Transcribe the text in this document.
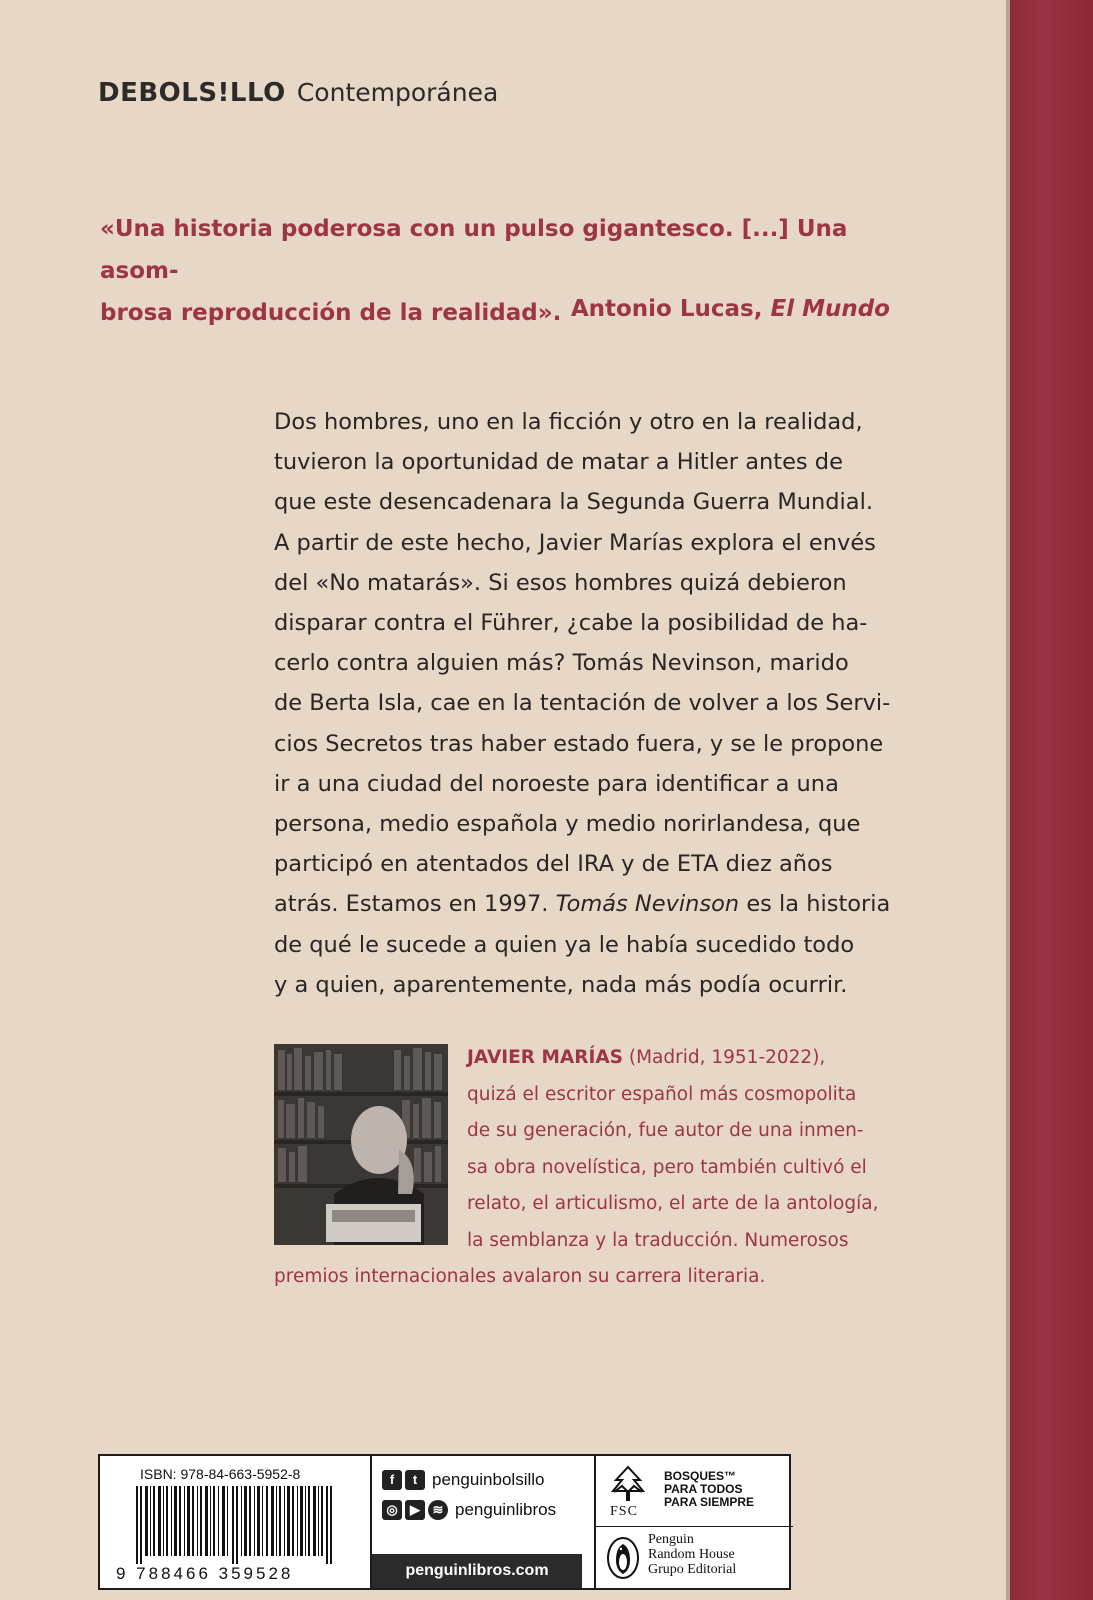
DEBOLS!LLO Contemporánea
«Una historia poderosa con un pulso gigantesco. [...] Una asom-
brosa reproducción de la realidad». Antonio Lucas, El Mundo
Dos hombres, uno en la ficción y otro en la realidad,
tuvieron la oportunidad de matar a Hitler antes de
que este desencadenara la Segunda Guerra Mundial.
A partir de este hecho, Javier Marías explora el envés
del «No matarás». Si esos hombres quizá debieron
disparar contra el Führer, ¿cabe la posibilidad de ha-
cerlo contra alguien más? Tomás Nevinson, marido
de Berta Isla, cae en la tentación de volver a los Servi-
cios Secretos tras haber estado fuera, y se le propone
ir a una ciudad del noroeste para identificar a una
persona, medio española y medio norirlandesa, que
participó en atentados del IRA y de ETA diez años
atrás. Estamos en 1997. Tomás Nevinson es la historia
de qué le sucede a quien ya le había sucedido todo
y a quien, aparentemente, nada más podía ocurrir.
JAVIER MARÍAS (Madrid, 1951-2022),
quizá el escritor español más cosmopolita
de su generación, fue autor de una inmen-
sa obra novelística, pero también cultivó el
relato, el articulismo, el arte de la antología,
la semblanza y la traducción. Numerosos
premios internacionales avalaron su carrera literaria.
ISBN: 978-84-663-5952-8
9 788466 359528
f	t penguinbolsillo
◎ ▶ ≋ penguinlibros
penguinlibros.com
FSC
BOSQUES™
PARA TODOS
PARA SIEMPRE
Penguin
Random House
Grupo Editorial
